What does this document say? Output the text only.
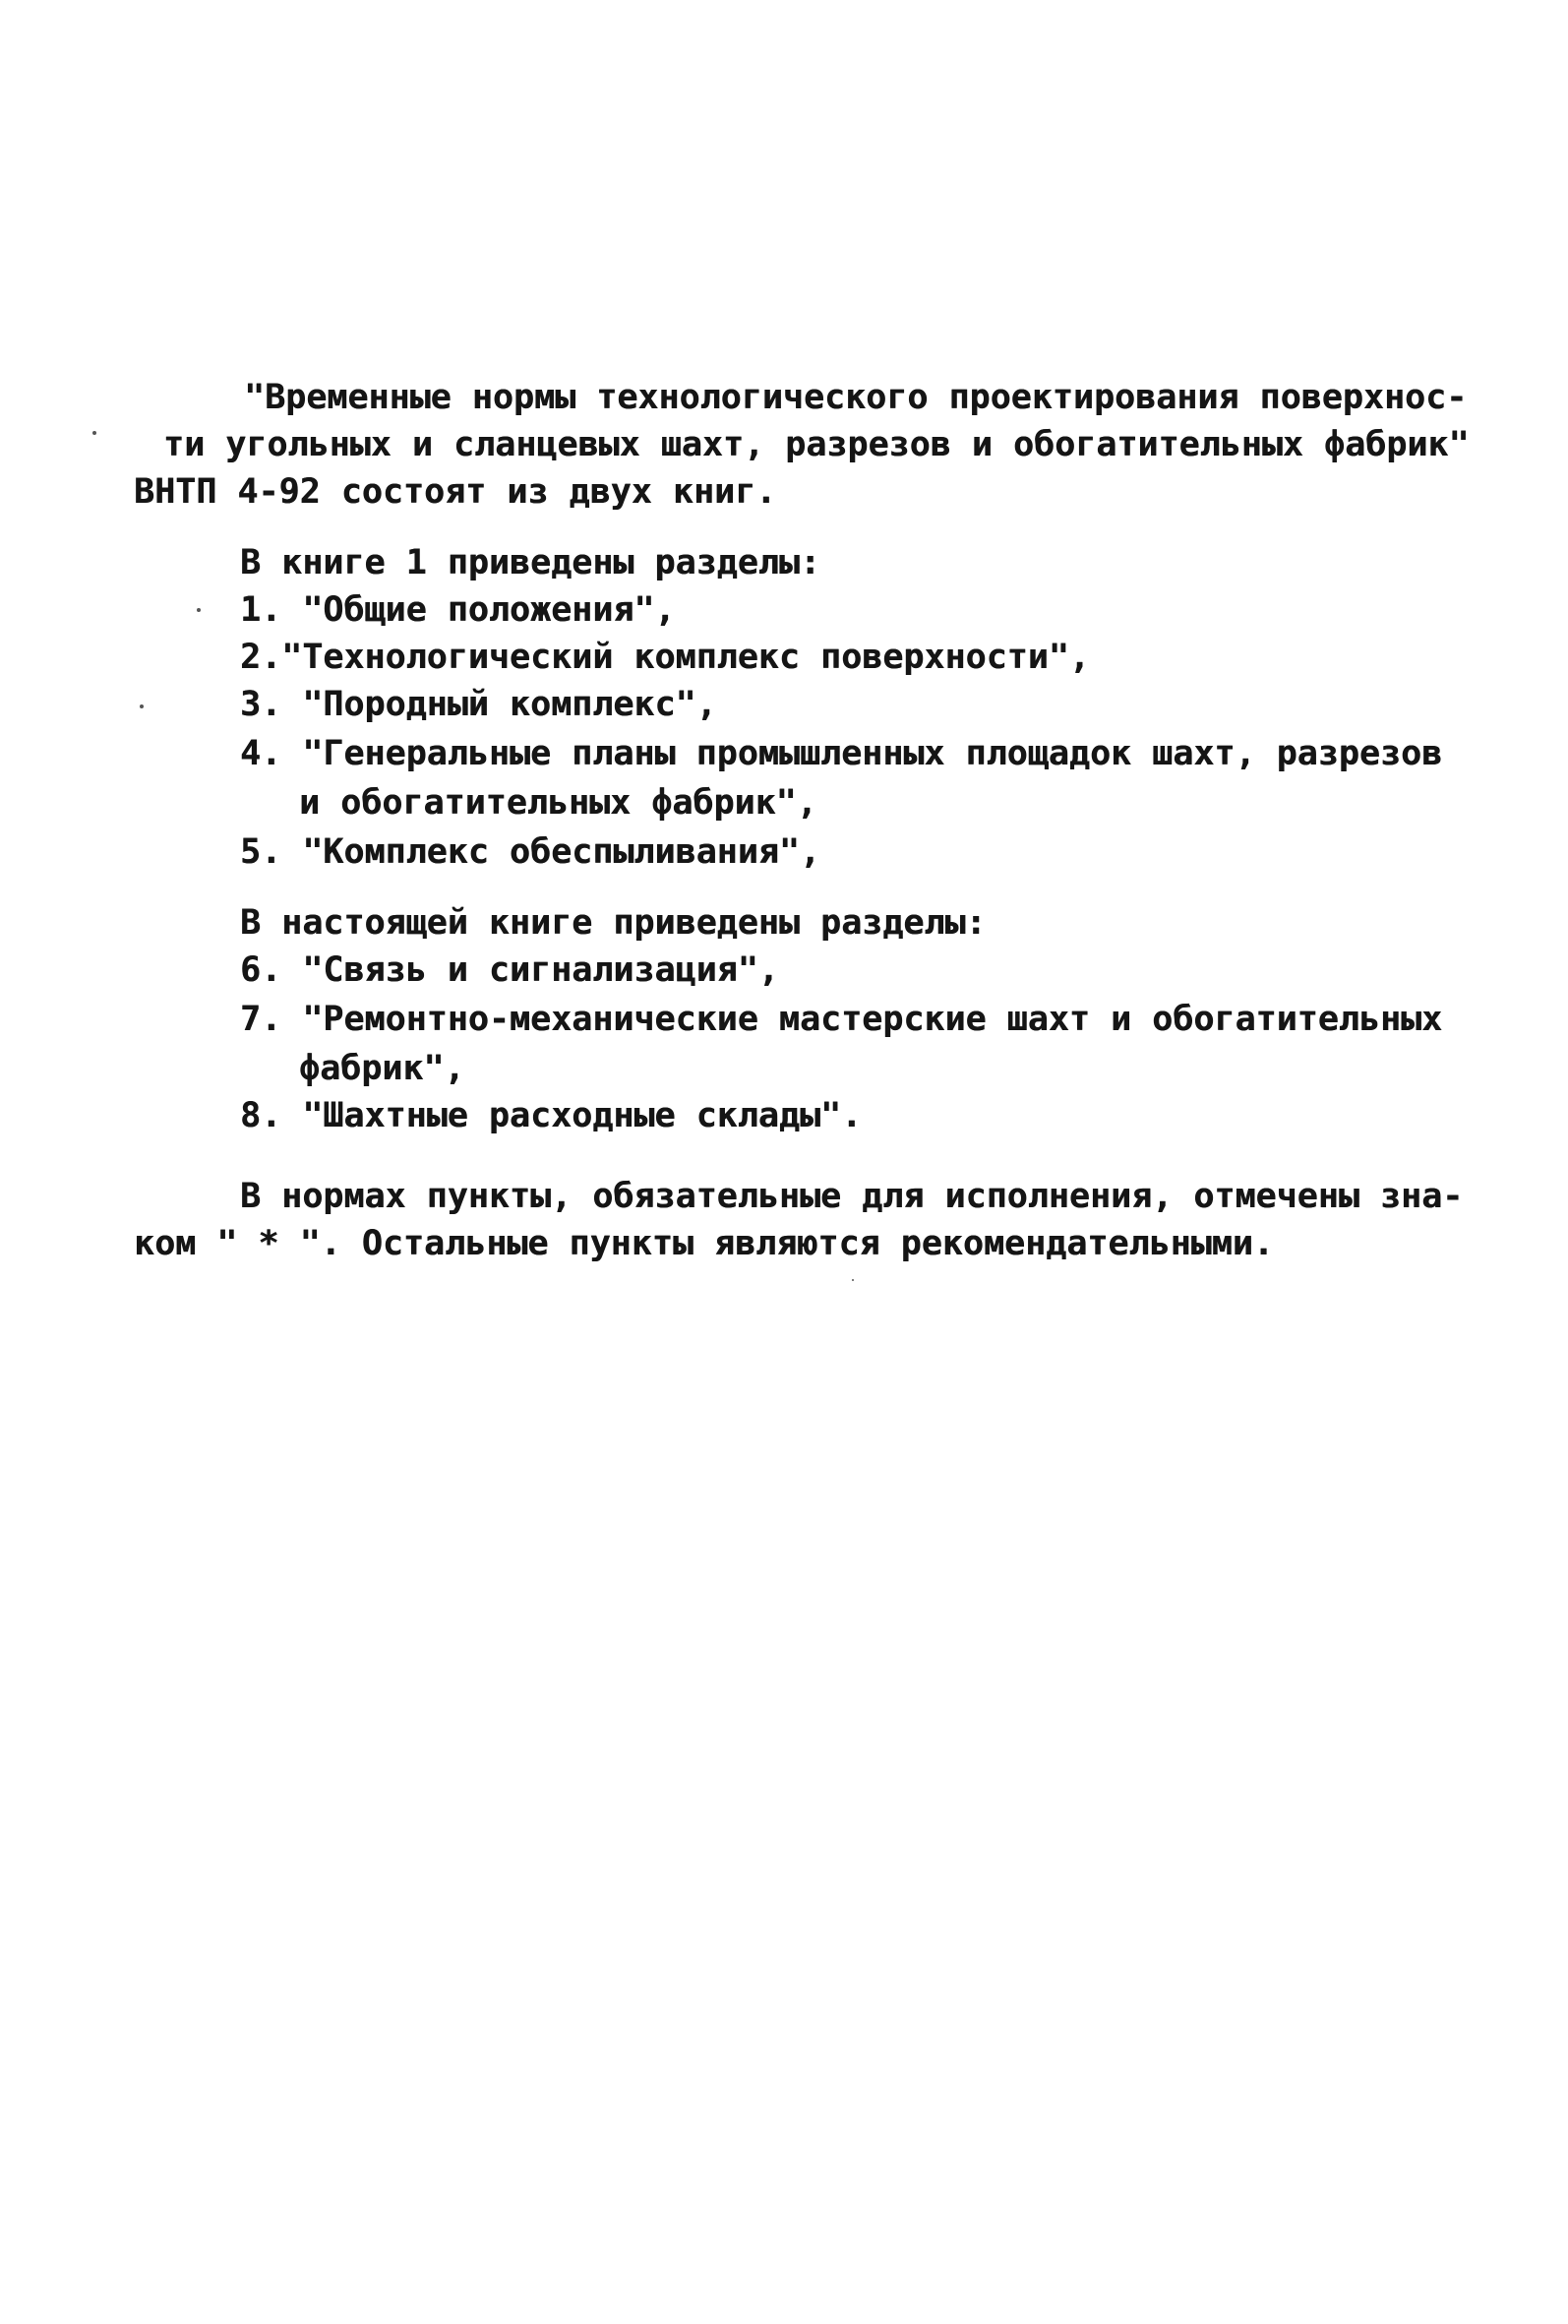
"Временные нормы технологического проектирования поверхнос-
ти угольных и сланцевых шахт, разрезов и обогатительных фабрик"
ВНТП 4-92 состоят из двух книг.
В книге 1 приведены разделы:
1. "Общие положения",
2."Технологический комплекс поверхности",
3. "Породный комплекс",
4. "Генеральные планы промышленных площадок шахт, разрезов
и обогатительных фабрик",
5. "Комплекс обеспыливания",
В настоящей книге приведены разделы:
6. "Связь и сигнализация",
7. "Ремонтно-механические мастерские шахт и обогатительных
фабрик",
8. "Шахтные расходные склады".
В нормах пункты, обязательные для исполнения, отмечены зна-
ком " * ". Остальные пункты являются рекомендательными.
